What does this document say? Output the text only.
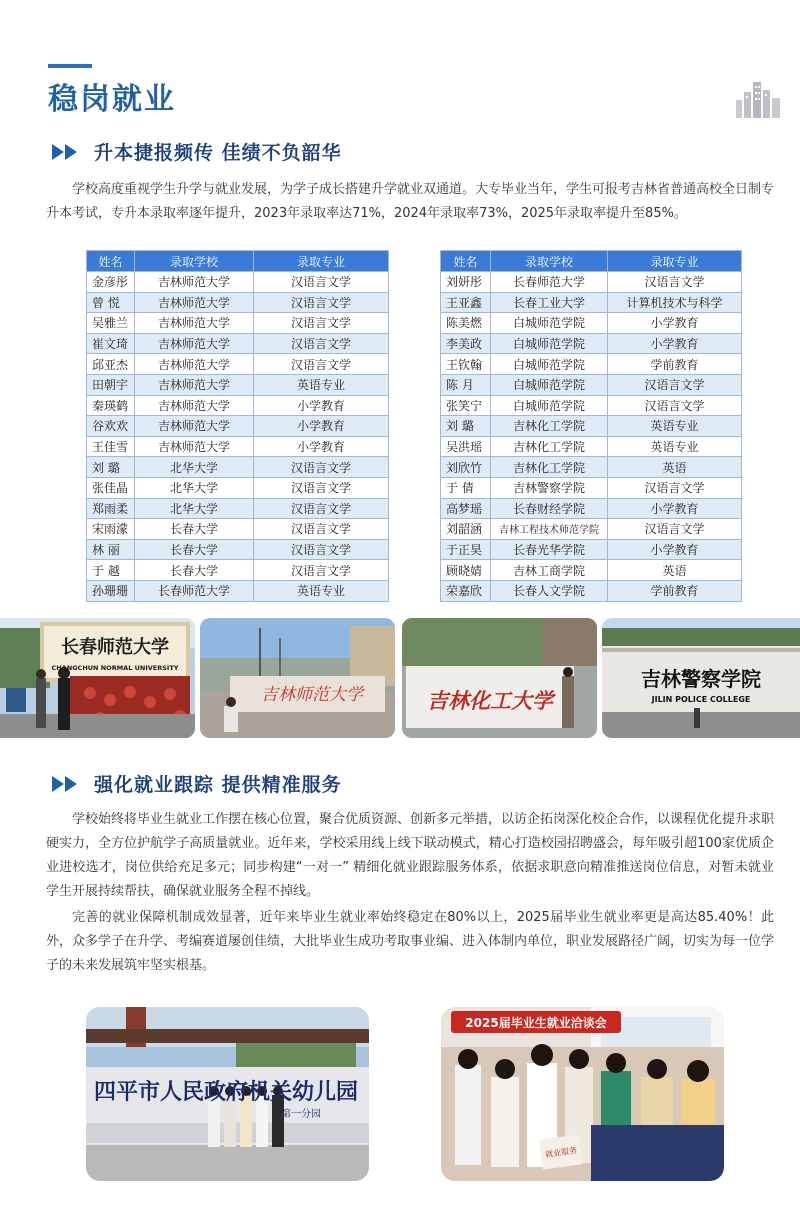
稳岗就业
升本捷报频传 佳绩不负韶华

学校高度重视学生升学与就业发展，为学子成长搭建升学就业双通道。大专毕业当年，学生可报考吉林省普通高校全日制专升本考试，专升本录取率逐年提升，2023年录取率达71%，2024年录取率73%，2025年录取率提升至85%。

姓名	录取学校	录取专业
金彦彤	吉林师范大学	汉语言文学
曾 悦	吉林师范大学	汉语言文学
吴雅兰	吉林师范大学	汉语言文学
崔文琦	吉林师范大学	汉语言文学
邱亚杰	吉林师范大学	汉语言文学
田朝宇	吉林师范大学	英语专业
秦瑛鹤	吉林师范大学	小学教育
谷欢欢	吉林师范大学	小学教育
王佳雪	吉林师范大学	小学教育
刘 璐	北华大学	汉语言文学
张佳晶	北华大学	汉语言文学
郑雨柔	北华大学	汉语言文学
宋雨濛	长春大学	汉语言文学
林 丽	长春大学	汉语言文学
于 越	长春大学	汉语言文学
孙珊珊	长春师范大学	英语专业
姓名	录取学校	录取专业
刘妍彤	长春师范大学	汉语言文学
王亚鑫	长春工业大学	计算机技术与科学
陈美燃	白城师范学院	小学教育
李美政	白城师范学院	小学教育
王钦翰	白城师范学院	学前教育
陈 月	白城师范学院	汉语言文学
张笑宁	白城师范学院	汉语言文学
刘 璐	吉林化工学院	英语专业
吴洪瑶	吉林化工学院	英语专业
刘欣竹	吉林化工学院	英语
于 倩	吉林警察学院	汉语言文学
高梦瑶	长春财经学院	小学教育
刘韶涵	吉林工程技术师范学院	汉语言文学
于正昊	长春光华学院	小学教育
顾晓婧	吉林工商学院	英语
荣嘉欣	长春人文学院	学前教育
长春师范大学
CHANGCHUN NORMAL UNIVERSITY
吉林师范大学	吉林化工大学
吉林警察学院
JILIN POLICE COLLEGE
强化就业跟踪 提供精准服务

学校始终将毕业生就业工作摆在核心位置，聚合优质资源、创新多元举措，以访企拓岗深化校企合作，以课程优化提升求职硬实力，全方位护航学子高质量就业。近年来，学校采用线上线下联动模式，精心打造校园招聘盛会，每年吸引超100家优质企业进校选才，岗位供给充足多元；同步构建“一对一” 精细化就业跟踪服务体系，依据求职意向精准推送岗位信息，对暂未就业学生开展持续帮扶，确保就业服务全程不掉线。

完善的就业保障机制成效显著，近年来毕业生就业率始终稳定在80%以上，2025届毕业生就业率更是高达85.40%！此外，众多学子在升学、考编赛道屡创佳绩，大批毕业生成功考取事业编、进入体制内单位，职业发展路径广阔，切实为每一位学子的未来发展筑牢坚实根基。

四平市人民政府机关幼儿园
第一分园
2025届毕业生就业洽谈会
就业服务
